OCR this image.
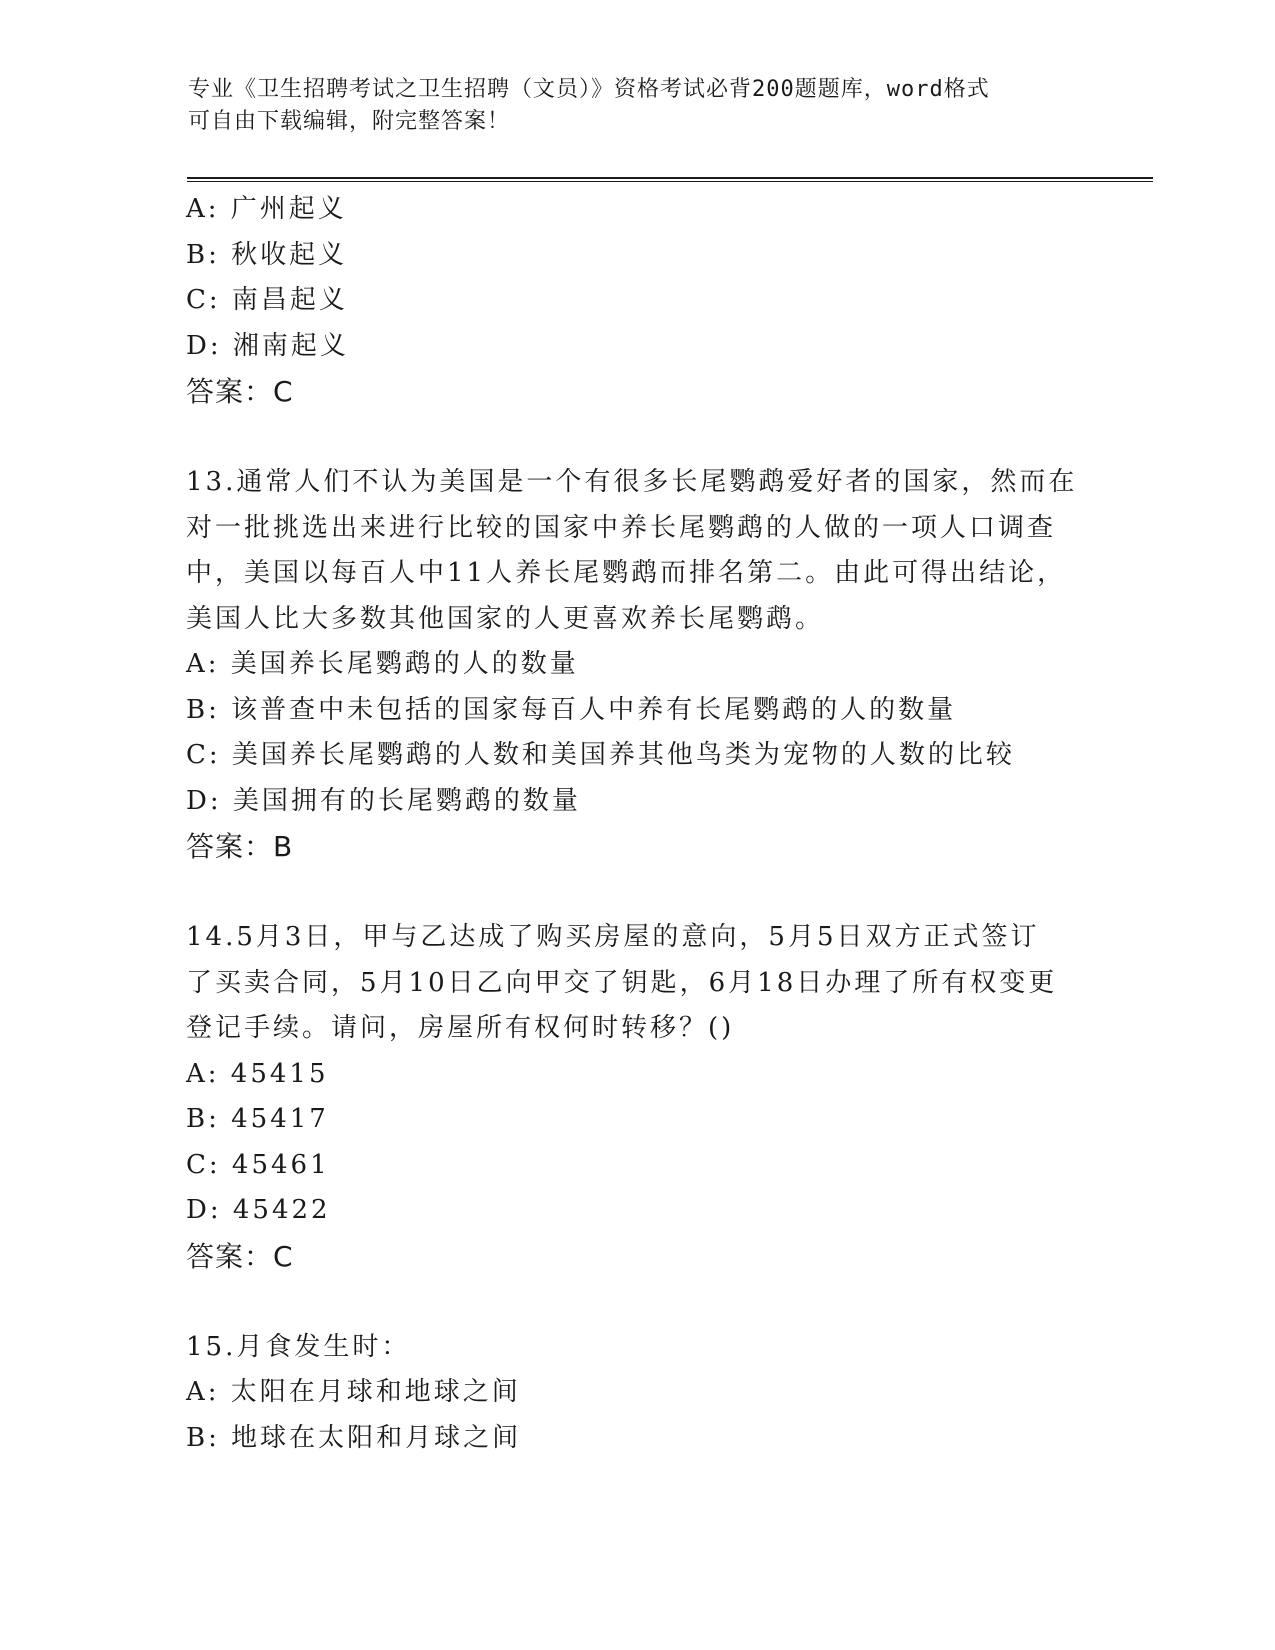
专业《卫生招聘考试之卫生招聘（文员）》资格考试必背200题题库，word格式
可自由下载编辑，附完整答案！
A: 广州起义
B: 秋收起义
C: 南昌起义
D: 湘南起义
答案：C
13.通常人们不认为美国是一个有很多长尾鹦鹉爱好者的国家，然而在
对一批挑选出来进行比较的国家中养长尾鹦鹉的人做的一项人口调查
中，美国以每百人中11人养长尾鹦鹉而排名第二。由此可得出结论，
美国人比大多数其他国家的人更喜欢养长尾鹦鹉。
A: 美国养长尾鹦鹉的人的数量
B: 该普查中未包括的国家每百人中养有长尾鹦鹉的人的数量
C: 美国养长尾鹦鹉的人数和美国养其他鸟类为宠物的人数的比较
D: 美国拥有的长尾鹦鹉的数量
答案：B
14.5月3日，甲与乙达成了购买房屋的意向，5月5日双方正式签订
了买卖合同，5月10日乙向甲交了钥匙，6月18日办理了所有权变更
登记手续。请问，房屋所有权何时转移？()
A: 45415
B: 45417
C: 45461
D: 45422
答案：C
15.月食发生时：
A: 太阳在月球和地球之间
B: 地球在太阳和月球之间
